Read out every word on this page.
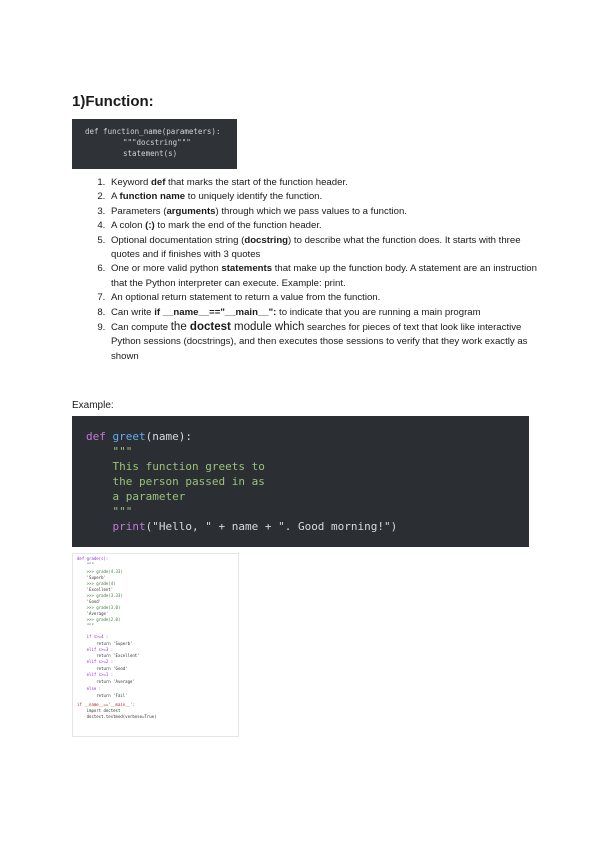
1)Function:
def function_name(parameters):
"""docstring"""
statement(s)
1. Keyword def that marks the start of the function header.
2. A function name to uniquely identify the function.
3. Parameters (arguments) through which we pass values to a function.
4. A colon (:) to mark the end of the function header.
5. Optional documentation string (docstring) to describe what the function does. It starts with three quotes and if finishes with 3 quotes
6. One or more valid python statements that make up the function body. A statement are an instruction that the Python interpreter can execute. Example: print.
7. An optional return statement to return a value from the function.
8. Can write if __name__=="__main__": to indicate that you are running a main program
9. Can compute the doctest module which searches for pieces of text that look like interactive Python sessions (docstrings), and then executes those sessions to verify that they work exactly as shown
Example:
def greet(name):
"""
This function greets to
the person passed in as
a parameter
"""
print("Hello, " + name + ". Good morning!")
def grade(s):
"""
>>> grade(4.33)
'Superb'
>>> grade(4)
'Excellent'
>>> grade(3.33)
'Good'
>>> grade(3.0)
'Average'
>>> grade(2.0)
"""
if s>=4 :
return 'Superb'
elif s>=3 :
return 'Excellent'
elif s>=2 :
return 'Good'
elif s>=1 :
return 'Average'
else :
return 'Fail'
if __name__=='__main__':
import doctest
doctest.testmod(verbose=True)
